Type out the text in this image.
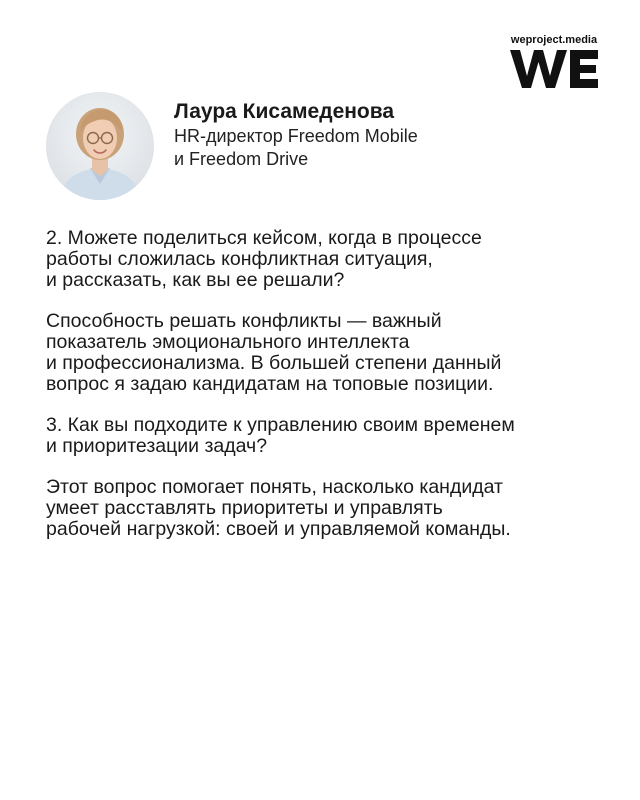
weproject.media

Лаура Кисамеденова

HR-директор Freedom Mobile

и Freedom Drive

2. Можете поделиться кейсом, когда в процессе
работы сложилась конфликтная ситуация,
и рассказать, как вы ее решали?

Способность решать конфликты — важный
показатель эмоционального интеллекта
и профессионализма. В большей степени данный
вопрос я задаю кандидатам на топовые позиции.

3. Как вы подходите к управлению своим временем
и приоритезации задач?

Этот вопрос помогает понять, насколько кандидат
умеет расставлять приоритеты и управлять
рабочей нагрузкой: своей и управляемой команды.
